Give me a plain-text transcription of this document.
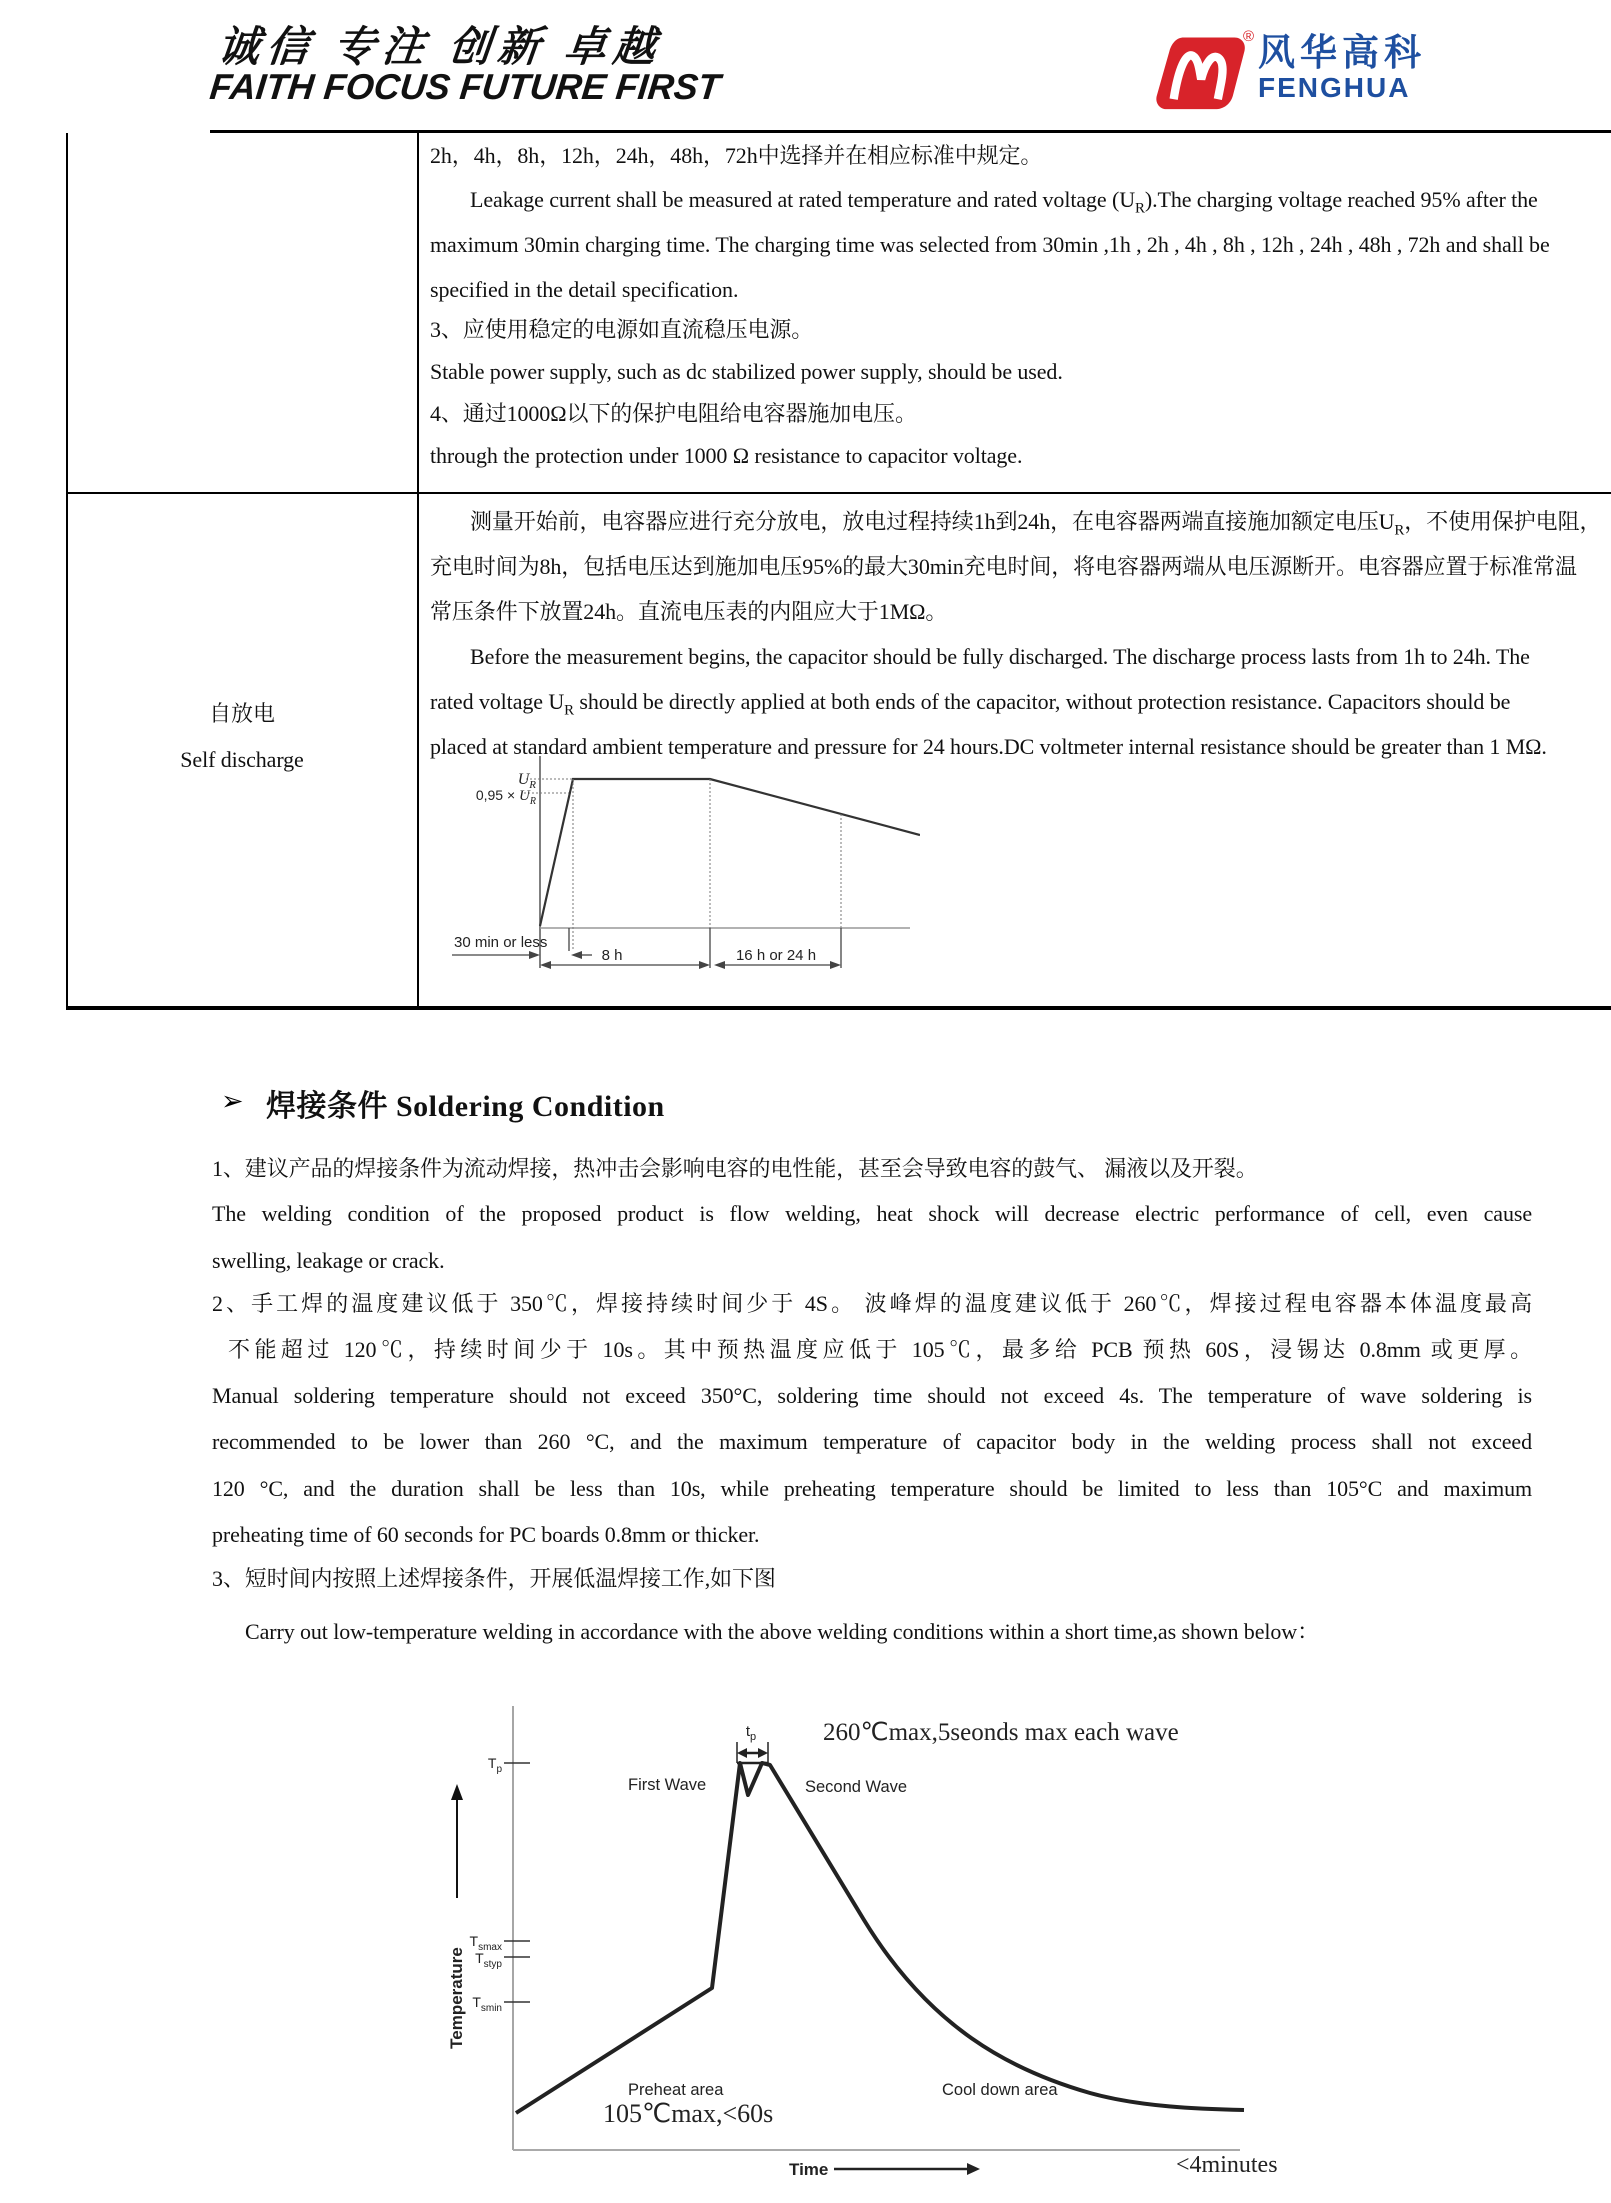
诚信 专注 创新 卓越
FAITH FOCUS FUTURE FIRST
® 风华高科
FENGHUA
2h，4h，8h，12h，24h，48h，72h中选择并在相应标准中规定。
Leakage current shall be measured at rated temperature and rated voltage $(U_R).The$ charging voltage reached 95% after the
maximum 30min charging time. The charging time was selected from 30min ,1h , 2h , 4h , 8h , 12h , 24h , 48h , 72h and shall be
specified in the detail specification.
3、应使用稳定的电源如直流稳压电源。
Stable power supply, such as dc stabilized power supply, should be used.
4、通过1000Ω以下的保护电阻给电容器施加电压。
through the protection under 1000 Ω resistance to capacitor voltage.
自放电
Self discharge
测量开始前，电容器应进行充分放电，放电过程持续1h到24h，在电容器两端直接施加额定电压$U_R$，不使用保护电阻，
充电时间为8h，包括电压达到施加电压95%的最大30min充电时间，将电容器两端从电压源断开。电容器应置于标准常温
常压条件下放置24h。直流电压表的内阻应大于1MΩ。
Before the measurement begins, the capacitor should be fully discharged. The discharge process lasts from 1h to 24h. The
rated voltage $U_R$ should be directly applied at both ends of the capacitor, without protection resistance. Capacitors should be
placed at standard ambient temperature and pressure for 24 hours.DC voltmeter internal resistance should be greater than 1 MΩ.
$U_R$
$0,95 \times U_R$
30 min or less
8 h	16 h or 24 h
➢ 焊接条件 Soldering Condition
1、建议产品的焊接条件为流动焊接，热冲击会影响电容的电性能，甚至会导致电容的鼓气、 漏液以及开裂。
The welding condition of the proposed product is flow welding, heat shock will decrease electric performance of cell, even cause
swelling, leakage or crack.
2、手工焊的温度建议低于 350℃，焊接持续时间少于 4S。 波峰焊的温度建议低于 260℃，焊接过程电容器本体温度最高
不能超过 120℃，持续时间少于 10s。其中预热温度应低于 105℃，最多给 PCB 预热 60S，浸锡达 0.8mm 或更厚。
Manual soldering temperature should not exceed 350°C, soldering time should not exceed 4s. The temperature of wave soldering is
recommended to be lower than 260 °C, and the maximum temperature of capacitor body in the welding process shall not exceed
120 °C, and the duration shall be less than 10s, while preheating temperature should be limited to less than 105°C and maximum
preheating time of 60 seconds for PC boards 0.8mm or thicker.
3、短时间内按照上述焊接条件，开展低温焊接工作,如下图
Carry out low-temperature welding in accordance with the above welding conditions within a short time,as shown below：
Temperature
$T_p$
$T_{smax}$
$T_{styp}$
$T_{smin}$
$t_p$	260℃max,5seonds max each wave
First Wave	Second Wave
Preheat area
105℃max,<60s
Cool down area
Time	<4minutes
